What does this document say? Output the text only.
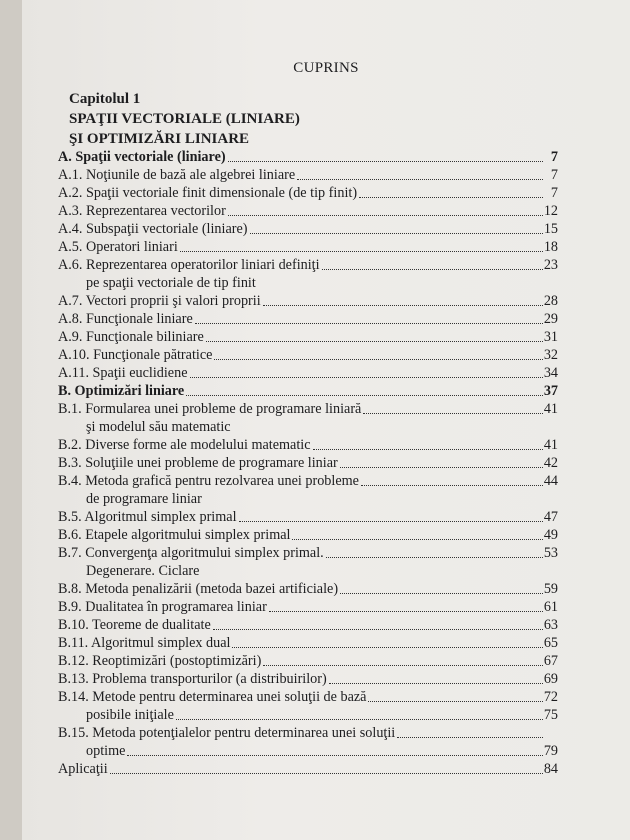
CUPRINS
Capitolul 1
SPAŢII VECTORIALE (LINIARE)
ŞI OPTIMIZĂRI LINIARE
A. Spaţii vectoriale (liniare)	7
A.1. Noţiunile de bază ale algebrei liniare	7
A.2. Spaţii vectoriale finit dimensionale (de tip finit)	7
A.3. Reprezentarea vectorilor	12
A.4. Subspaţii vectoriale (liniare)	15
A.5. Operatori liniari	18
A.6. Reprezentarea operatorilor liniari definiţi	23
pe spaţii vectoriale de tip finit
A.7. Vectori proprii şi valori proprii	28
A.8. Funcţionale liniare	29
A.9. Funcţionale biliniare	31
A.10. Funcţionale pătratice	32
A.11. Spaţii euclidiene	34
B. Optimizări liniare	37
B.1. Formularea unei probleme de programare liniară	41
şi modelul său matematic
B.2. Diverse forme ale modelului matematic	41
B.3. Soluţiile unei probleme de programare liniar	42
B.4. Metoda grafică pentru rezolvarea unei probleme	44
de programare liniar
B.5. Algoritmul simplex primal	47
B.6. Etapele algoritmului simplex primal	49
B.7. Convergenţa algoritmului simplex primal.	53
Degenerare. Ciclare
B.8. Metoda penalizării (metoda bazei artificiale)	59
B.9. Dualitatea în programarea liniar	61
B.10. Teoreme de dualitate	63
B.11. Algoritmul simplex dual	65
B.12. Reoptimizări (postoptimizări)	67
B.13. Problema transporturilor (a distribuirilor)	69
B.14. Metode pentru determinarea unei soluţii de bază	72
posibile iniţiale	75
B.15. Metoda potenţialelor pentru determinarea unei soluţii
optime	79
Aplicaţii	84
